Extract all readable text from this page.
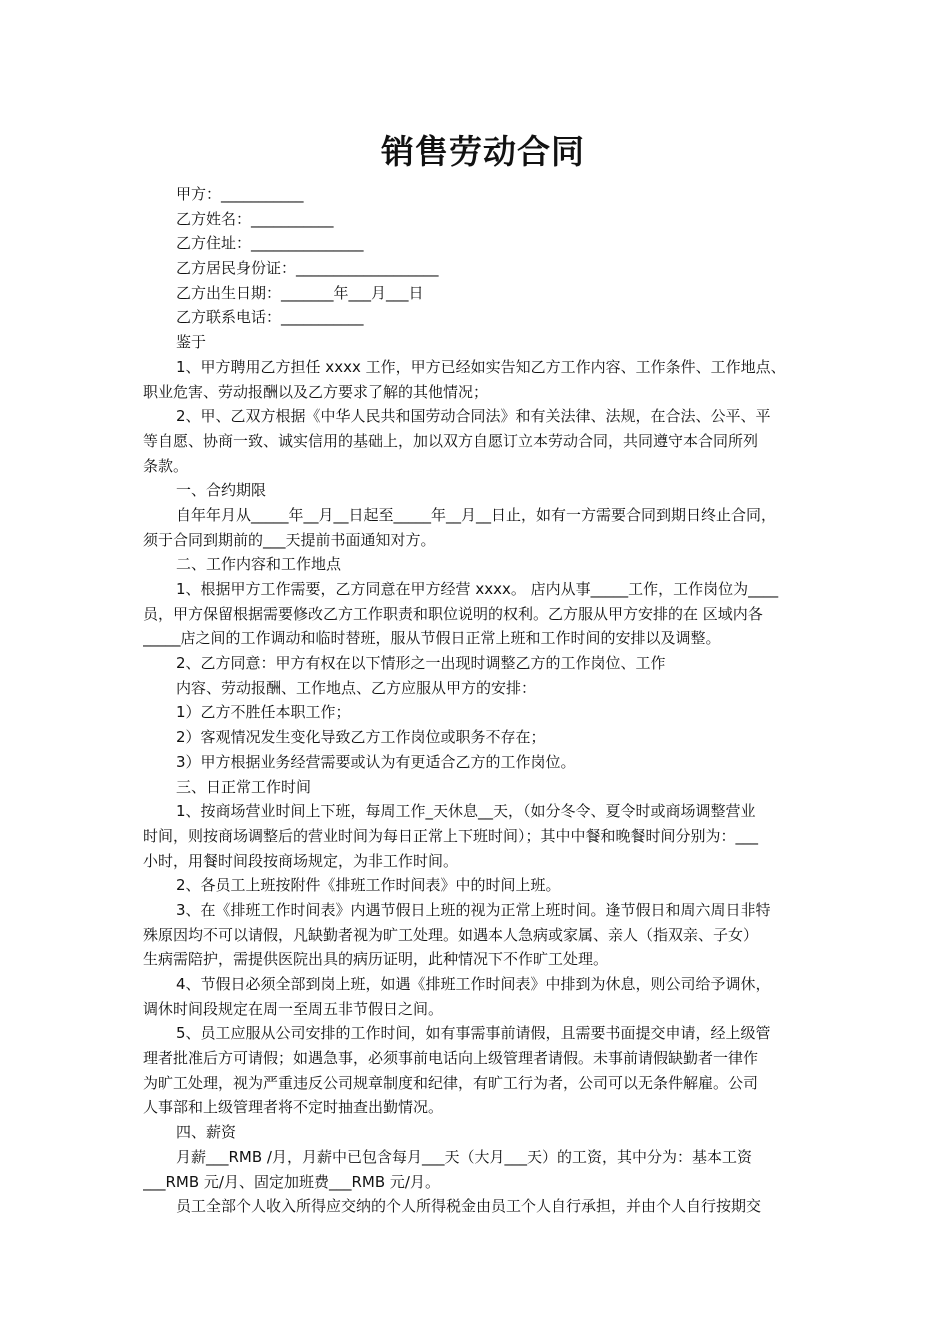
销售劳动合同
甲方：___________
乙方姓名：___________
乙方住址：_______________
乙方居民身份证：___________________
乙方出生日期：_______年___月___日
乙方联系电话：___________
鉴于
1、甲方聘用乙方担任 xxxx 工作，甲方已经如实告知乙方工作内容、工作条件、工作地点、
职业危害、劳动报酬以及乙方要求了解的其他情况；
2、甲、乙双方根据《中华人民共和国劳动合同法》和有关法律、法规，在合法、公平、平
等自愿、协商一致、诚实信用的基础上，加以双方自愿订立本劳动合同，共同遵守本合同所列
条款。
一、合约期限
自年年月从_____年__月__日起至_____年__月__日止，如有一方需要合同到期日终止合同，
须于合同到期前的___天提前书面通知对方。
二、工作内容和工作地点
1、根据甲方工作需要，乙方同意在甲方经营 xxxx。 店内从事_____工作，工作岗位为____
员，甲方保留根据需要修改乙方工作职责和职位说明的权利。乙方服从甲方安排的在 区域内各
_____店之间的工作调动和临时替班，服从节假日正常上班和工作时间的安排以及调整。
2、乙方同意：甲方有权在以下情形之一出现时调整乙方的工作岗位、工作
内容、劳动报酬、工作地点、乙方应服从甲方的安排：
1）乙方不胜任本职工作；
2）客观情况发生变化导致乙方工作岗位或职务不存在；
3）甲方根据业务经营需要或认为有更适合乙方的工作岗位。
三、日正常工作时间
1、按商场营业时间上下班，每周工作_天休息__天，（如分冬令、夏令时或商场调整营业
时间，则按商场调整后的营业时间为每日正常上下班时间）；其中中餐和晚餐时间分别为：___
小时，用餐时间段按商场规定，为非工作时间。
2、各员工上班按附件《排班工作时间表》中的时间上班。
3、在《排班工作时间表》内遇节假日上班的视为正常上班时间。逢节假日和周六周日非特
殊原因均不可以请假，凡缺勤者视为旷工处理。如遇本人急病或家属、亲人（指双亲、子女）
生病需陪护，需提供医院出具的病历证明，此种情况下不作旷工处理。
4、节假日必须全部到岗上班，如遇《排班工作时间表》中排到为休息，则公司给予调休，
调休时间段规定在周一至周五非节假日之间。
5、员工应服从公司安排的工作时间，如有事需事前请假，且需要书面提交申请，经上级管
理者批准后方可请假；如遇急事，必须事前电话向上级管理者请假。未事前请假缺勤者一律作
为旷工处理，视为严重违反公司规章制度和纪律，有旷工行为者，公司可以无条件解雇。公司
人事部和上级管理者将不定时抽查出勤情况。
四、薪资
月薪___RMB /月，月薪中已包含每月___天（大月___天）的工资，其中分为：基本工资
___RMB 元/月、固定加班费___RMB 元/月。
员工全部个人收入所得应交纳的个人所得税金由员工个人自行承担，并由个人自行按期交
